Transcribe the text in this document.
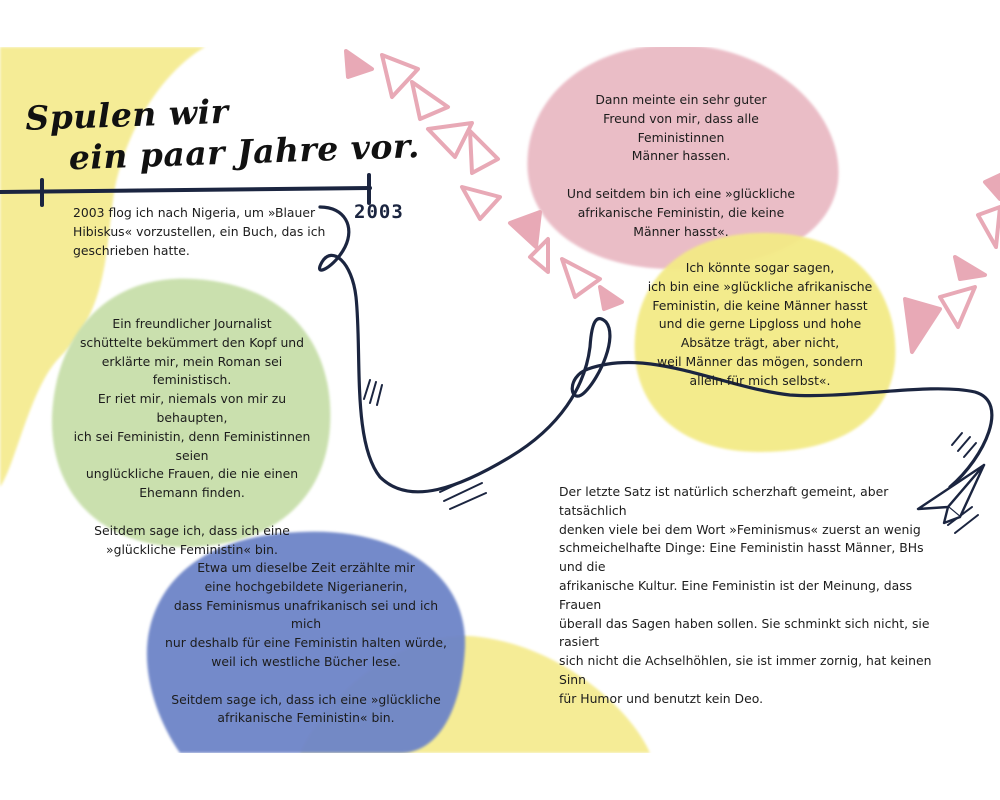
Spulen wir
ein paar Jahre vor.

2003

2003 flog ich nach Nigeria, um »Blauer
Hibiskus« vorzustellen, ein Buch, das ich
geschrieben hatte.

Ein freundlicher Journalist
schüttelte bekümmert den Kopf und
erklärte mir, mein Roman sei feministisch.
Er riet mir, niemals von mir zu behaupten,
ich sei Feministin, denn Feministinnen seien
unglückliche Frauen, die nie einen
Ehemann finden.

Seitdem sage ich, dass ich eine
»glückliche Feministin« bin.

Etwa um dieselbe Zeit erzählte mir
eine hochgebildete Nigerianerin,
dass Feminismus unafrikanisch sei und ich mich
nur deshalb für eine Feministin halten würde,
weil ich westliche Bücher lese.

Seitdem sage ich, dass ich eine »glückliche
afrikanische Feministin« bin.

Dann meinte ein sehr guter
Freund von mir, dass alle Feministinnen
Männer hassen.

Und seitdem bin ich eine »glückliche
afrikanische Feministin, die keine
Männer hasst«.

Ich könnte sogar sagen,
ich bin eine »glückliche afrikanische
Feministin, die keine Männer hasst
und die gerne Lipgloss und hohe
Absätze trägt, aber nicht,
weil Männer das mögen, sondern
allein für mich selbst«.

Der letzte Satz ist natürlich scherzhaft gemeint, aber tatsächlich
denken viele bei dem Wort »Feminismus« zuerst an wenig
schmeichelhafte Dinge: Eine Feministin hasst Männer, BHs und die
afrikanische Kultur. Eine Feministin ist der Meinung, dass Frauen
überall das Sagen haben sollen. Sie schminkt sich nicht, sie rasiert
sich nicht die Achselhöhlen, sie ist immer zornig, hat keinen Sinn
für Humor und benutzt kein Deo.
